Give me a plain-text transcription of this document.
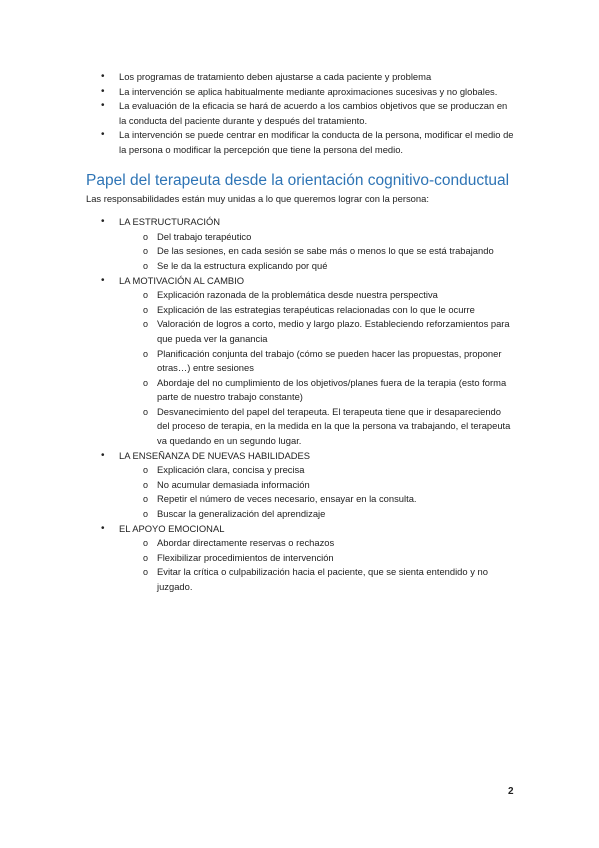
• Los programas de tratamiento deben ajustarse a cada paciente y problema
• La intervención se aplica habitualmente mediante aproximaciones sucesivas y no globales.
• La evaluación de la eficacia se hará de acuerdo a los cambios objetivos que se produczan en la conducta del paciente durante y después del tratamiento.
• La intervención se puede centrar en modificar la conducta de la persona, modificar el medio de la persona o modificar la percepción que tiene la persona del medio.
Papel del terapeuta desde la orientación cognitivo-conductual

Las responsabilidades están muy unidas a lo que queremos lograr con la persona:

• LA ESTRUCTURACIÓN
o Del trabajo terapéutico
o De las sesiones, en cada sesión se sabe más o menos lo que se está trabajando
o Se le da la estructura explicando por qué
• LA MOTIVACIÓN AL CAMBIO
o Explicación razonada de la problemática desde nuestra perspectiva
o Explicación de las estrategias terapéuticas relacionadas con lo que le ocurre
o Valoración de logros a corto, medio y largo plazo. Estableciendo reforzamientos para que pueda ver la ganancia
o Planificación conjunta del trabajo (cómo se pueden hacer las propuestas, proponer otras…) entre sesiones
o Abordaje del no cumplimiento de los objetivos/planes fuera de la terapia (esto forma parte de nuestro trabajo constante)
o Desvanecimiento del papel del terapeuta. El terapeuta tiene que ir desapareciendo del proceso de terapia, en la medida en la que la persona va trabajando, el terapeuta va quedando en un segundo lugar.
• LA ENSEÑANZA DE NUEVAS HABILIDADES
o Explicación clara, concisa y precisa
o No acumular demasiada información
o Repetir el número de veces necesario, ensayar en la consulta.
o Buscar la generalización del aprendizaje
• EL APOYO EMOCIONAL
o Abordar directamente reservas o rechazos
o Flexibilizar procedimientos de intervención
o Evitar la crítica o culpabilización hacia el paciente, que se sienta entendido y no juzgado.
2
